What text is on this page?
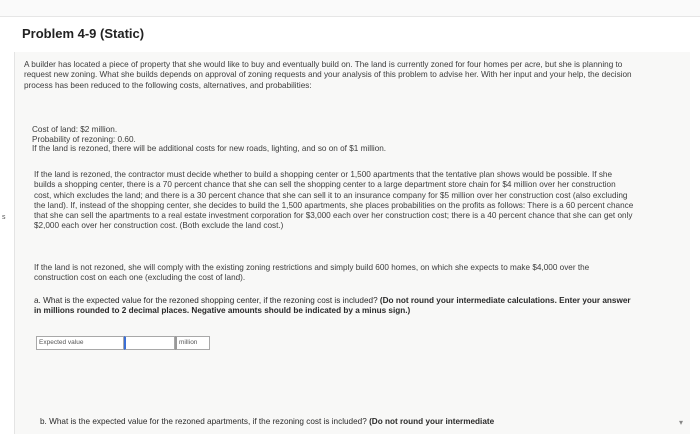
s
Problem 4-9 (Static)

A builder has located a piece of property that she would like to buy and eventually build on. The land is currently zoned for four homes per acre, but she is planning to request new zoning. What she builds depends on approval of zoning requests and your analysis of this problem to advise her. With her input and your help, the decision process has been reduced to the following costs, alternatives, and probabilities:

Cost of land: $2 million.
Probability of rezoning: 0.60.
If the land is rezoned, there will be additional costs for new roads, lighting, and so on of $1 million.

If the land is rezoned, the contractor must decide whether to build a shopping center or 1,500 apartments that the tentative plan shows would be possible. If she builds a shopping center, there is a 70 percent chance that she can sell the shopping center to a large department store chain for $4 million over her construction cost, which excludes the land; and there is a 30 percent chance that she can sell it to an insurance company for $5 million over her construction cost (also excluding the land). If, instead of the shopping center, she decides to build the 1,500 apartments, she places probabilities on the profits as follows: There is a 60 percent chance that she can sell the apartments to a real estate investment corporation for $3,000 each over her construction cost; there is a 40 percent chance that she can get only $2,000 each over her construction cost. (Both exclude the land cost.)

If the land is not rezoned, she will comply with the existing zoning restrictions and simply build 600 homes, on which she expects to make $4,000 over the construction cost on each one (excluding the cost of land).

a. What is the expected value for the rezoned shopping center, if the rezoning cost is included? (Do not round your intermediate calculations. Enter your answer in millions rounded to 2 decimal places. Negative amounts should be indicated by a minus sign.)
Expected value	million
b. What is the expected value for the rezoned apartments, if the rezoning cost is included? (Do not round your intermediate	▾
